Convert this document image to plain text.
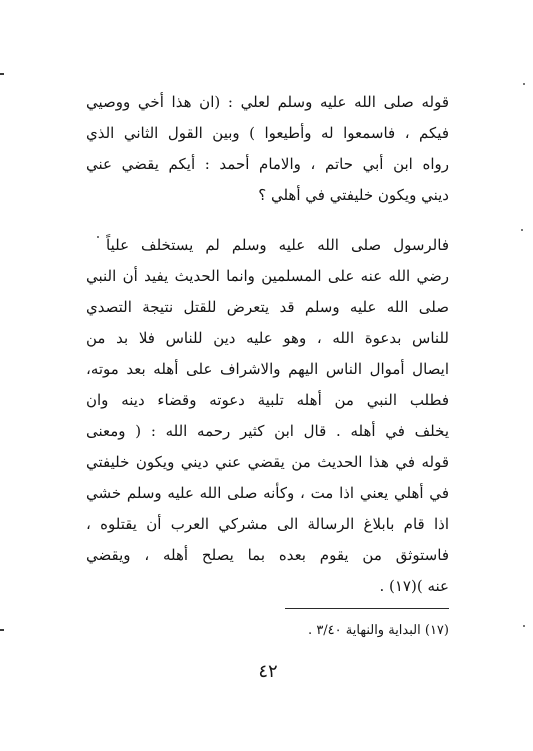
قوله صلى الله عليه وسلم لعلي : (ان هذا أخي ووصيي
فيكم ، فاسمعوا له وأطيعوا ) وبين القول الثاني الذي
رواه ابن أبي حاتم ، والامام أحمد : أيكم يقضي عني
ديني ويكون خليفتي في أهلي ؟
فالرسول صلى الله عليه وسلم لم يستخلف علياً
رضي الله عنه على المسلمين وانما الحديث يفيد أن النبي
صلى الله عليه وسلم قد يتعرض للقتل نتيجة التصدي
للناس بدعوة الله ، وهو عليه دين للناس فلا بد من
ايصال أموال الناس اليهم والاشراف على أهله بعد موته،
فطلب النبي من أهله تلبية دعوته وقضاء دينه وان
يخلف في أهله . قال ابن كثير رحمه الله : ( ومعنى
قوله في هذا الحديث من يقضي عني ديني ويكون خليفتي
في أهلي يعني اذا مت ، وكأنه صلى الله عليه وسلم خشي
اذا قام بابلاغ الرسالة الى مشركي العرب أن يقتلوه ،
فاستوثق من يقوم بعده بما يصلح أهله ، ويقضي
عنه )(١٧) .
(١٧) البداية والنهاية ٣/٤٠ .
٤٢
